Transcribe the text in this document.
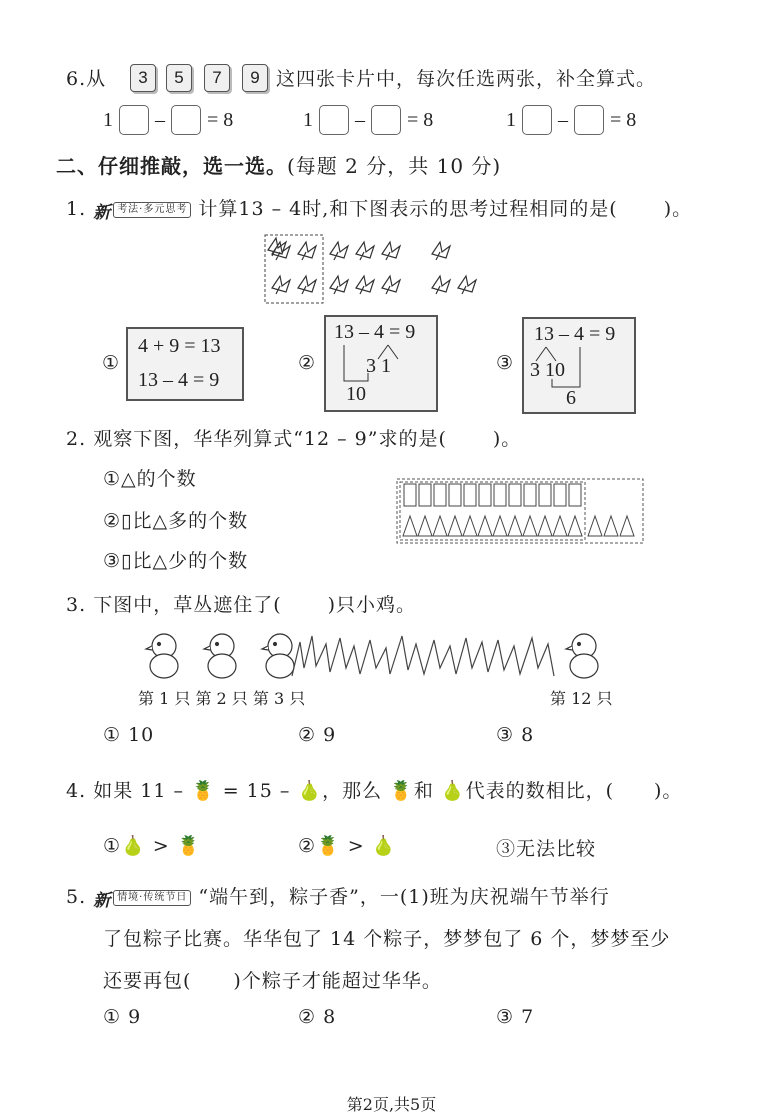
6.从	3	5	7	9 这四张卡片中，每次任选两张，补全算式。
1 – = 8	1 – = 8	1 – = 8
二、仔细推敲，选一选。(每题 2 分，共 10 分)
1. 新 考法·多元思考 计算13 – 4时,和下图表示的思考过程相同的是( )。
①
4 + 9 = 13
13 – 4 = 9
②
13 – 4 = 9
3 1
10
③
13 – 4 = 9
3 10
6
2. 观察下图，华华列算式“12 – 9”求的是( )。
①△的个数
②▯比△多的个数
③▯比△少的个数
3. 下图中，草丛遮住了( )只小鸡。
第 1 只 第 2 只 第 3 只	第 12 只
① 10	② 9	③ 8
4. 如果 11 – 🍍 = 15 – 🍐，那么 🍍和 🍐代表的数相比，( )。
①🍐 > 🍍	②🍍 > 🍐	③无法比较
5. 新 情境·传统节日 “端午到，粽子香”，一(1)班为庆祝端午节举行
了包粽子比赛。华华包了 14 个粽子，梦梦包了 6 个，梦梦至少
还要再包( )个粽子才能超过华华。
① 9	② 8	③ 7
第2页,共5页
